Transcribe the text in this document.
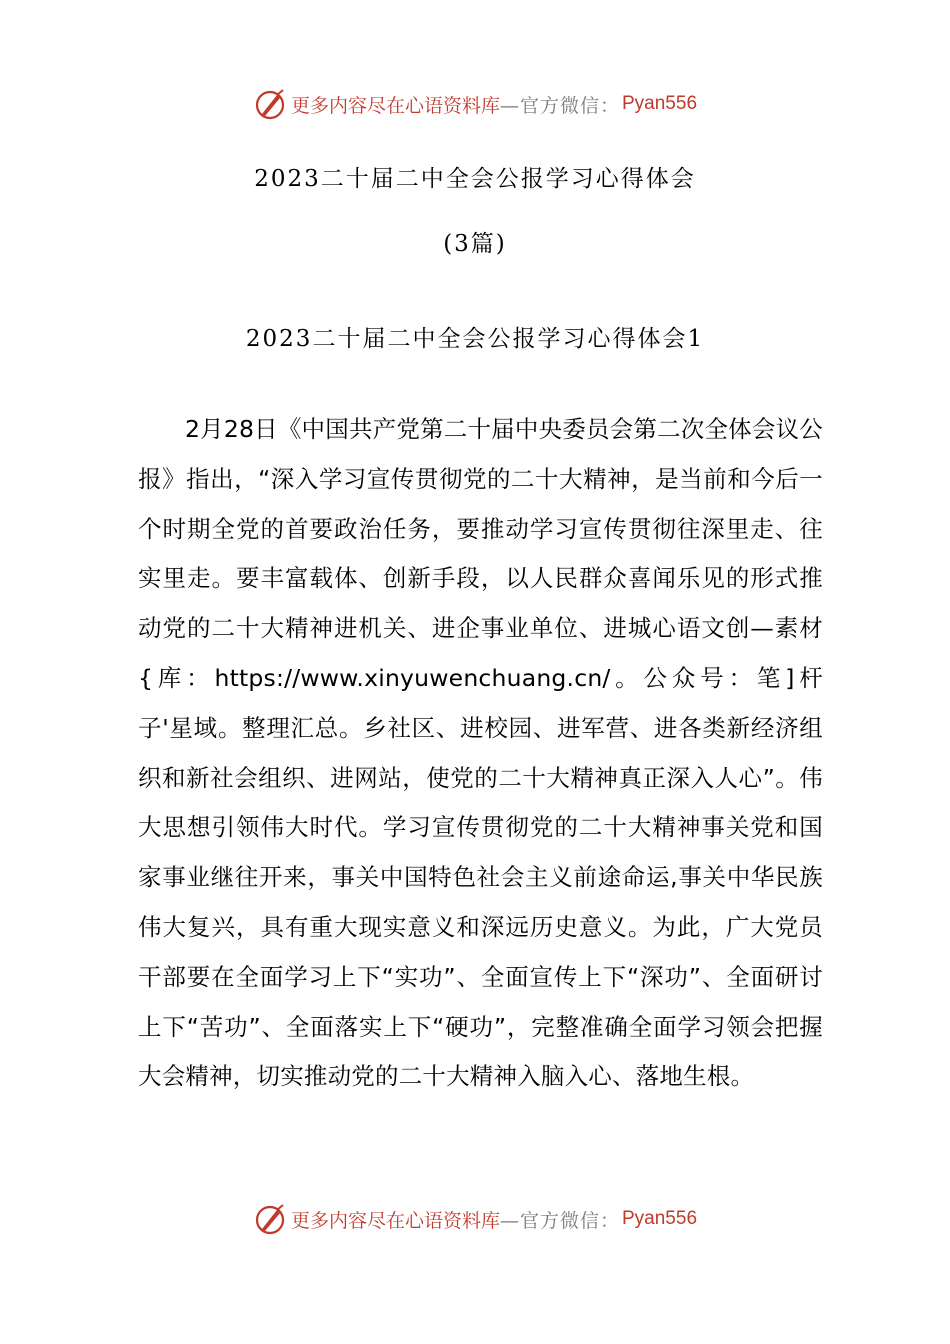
更多内容尽在心语资料库 —官方微信： Pyan556
2023二十届二中全会公报学习心得体会
(3篇)
2023二十届二中全会公报学习心得体会1

2月28日《中国共产党第二十届中央委员会第二次全体会议公报》指出，“深入学习宣传贯彻党的二十大精神，是当前和今后一个时期全党的首要政治任务，要推动学习宣传贯彻往深里走、往实里走。要丰富载体、创新手段，以人民群众喜闻乐见的形式推动党的二十大精神进机关、进企事业单位、进城心语文创—素材{库：https://www.xinyuwenchuang.cn/。公众号：笔]杆子'星域。整理汇总。乡社区、进校园、进军营、进各类新经济组织和新社会组织、进网站，使党的二十大精神真正深入人心”。伟大思想引领伟大时代。学习宣传贯彻党的二十大精神事关党和国家事业继往开来，事关中国特色社会主义前途命运,事关中华民族伟大复兴，具有重大现实意义和深远历史意义。为此，广大党员干部要在全面学习上下“实功”、全面宣传上下“深功”、全面研讨上下“苦功”、全面落实上下“硬功”，完整准确全面学习领会把握大会精神，切实推动党的二十大精神入脑入心、落地生根。

更多内容尽在心语资料库 —官方微信： Pyan556
